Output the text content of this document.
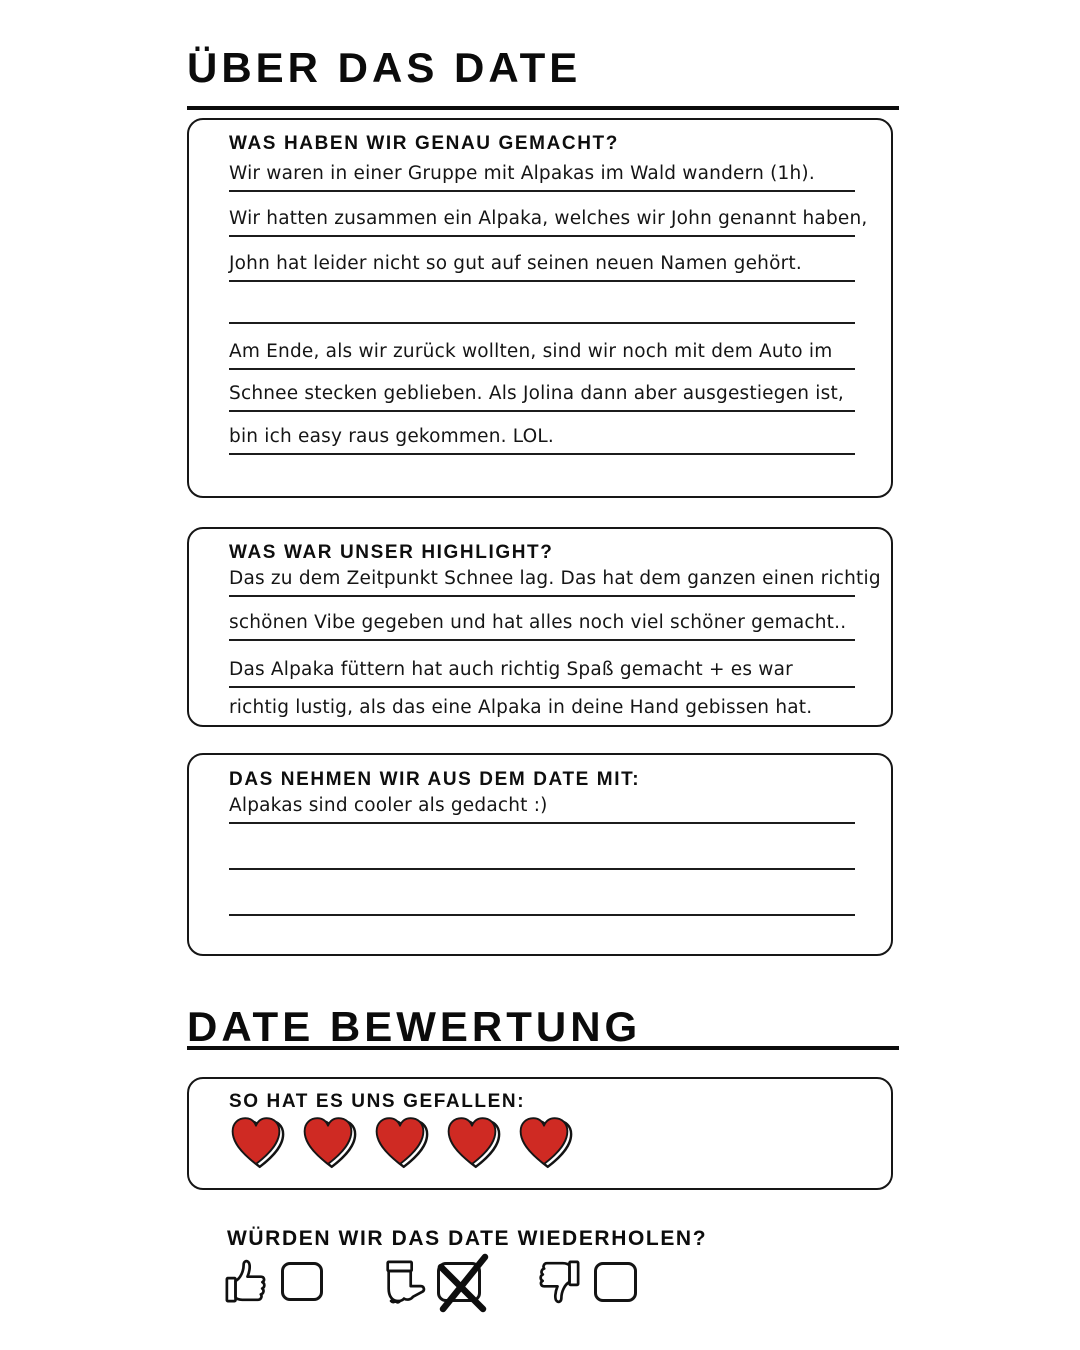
ÜBER DAS DATE
WAS HABEN WIR GENAU GEMACHT?
Wir waren in einer Gruppe mit Alpakas im Wald wandern (1h).
Wir hatten zusammen ein Alpaka, welches wir John genannt haben,
John hat leider nicht so gut auf seinen neuen Namen gehört.
Am Ende, als wir zurück wollten, sind wir noch mit dem Auto im
Schnee stecken geblieben. Als Jolina dann aber ausgestiegen ist,
bin ich easy raus gekommen. LOL.
WAS WAR UNSER HIGHLIGHT?
Das zu dem Zeitpunkt Schnee lag. Das hat dem ganzen einen richtig
schönen Vibe gegeben und hat alles noch viel schöner gemacht..
Das Alpaka füttern hat auch richtig Spaß gemacht + es war
richtig lustig, als das eine Alpaka in deine Hand gebissen hat.
DAS NEHMEN WIR AUS DEM DATE MIT:
Alpakas sind cooler als gedacht :)
DATE BEWERTUNG
SO HAT ES UNS GEFALLEN:
WÜRDEN WIR DAS DATE WIEDERHOLEN?
